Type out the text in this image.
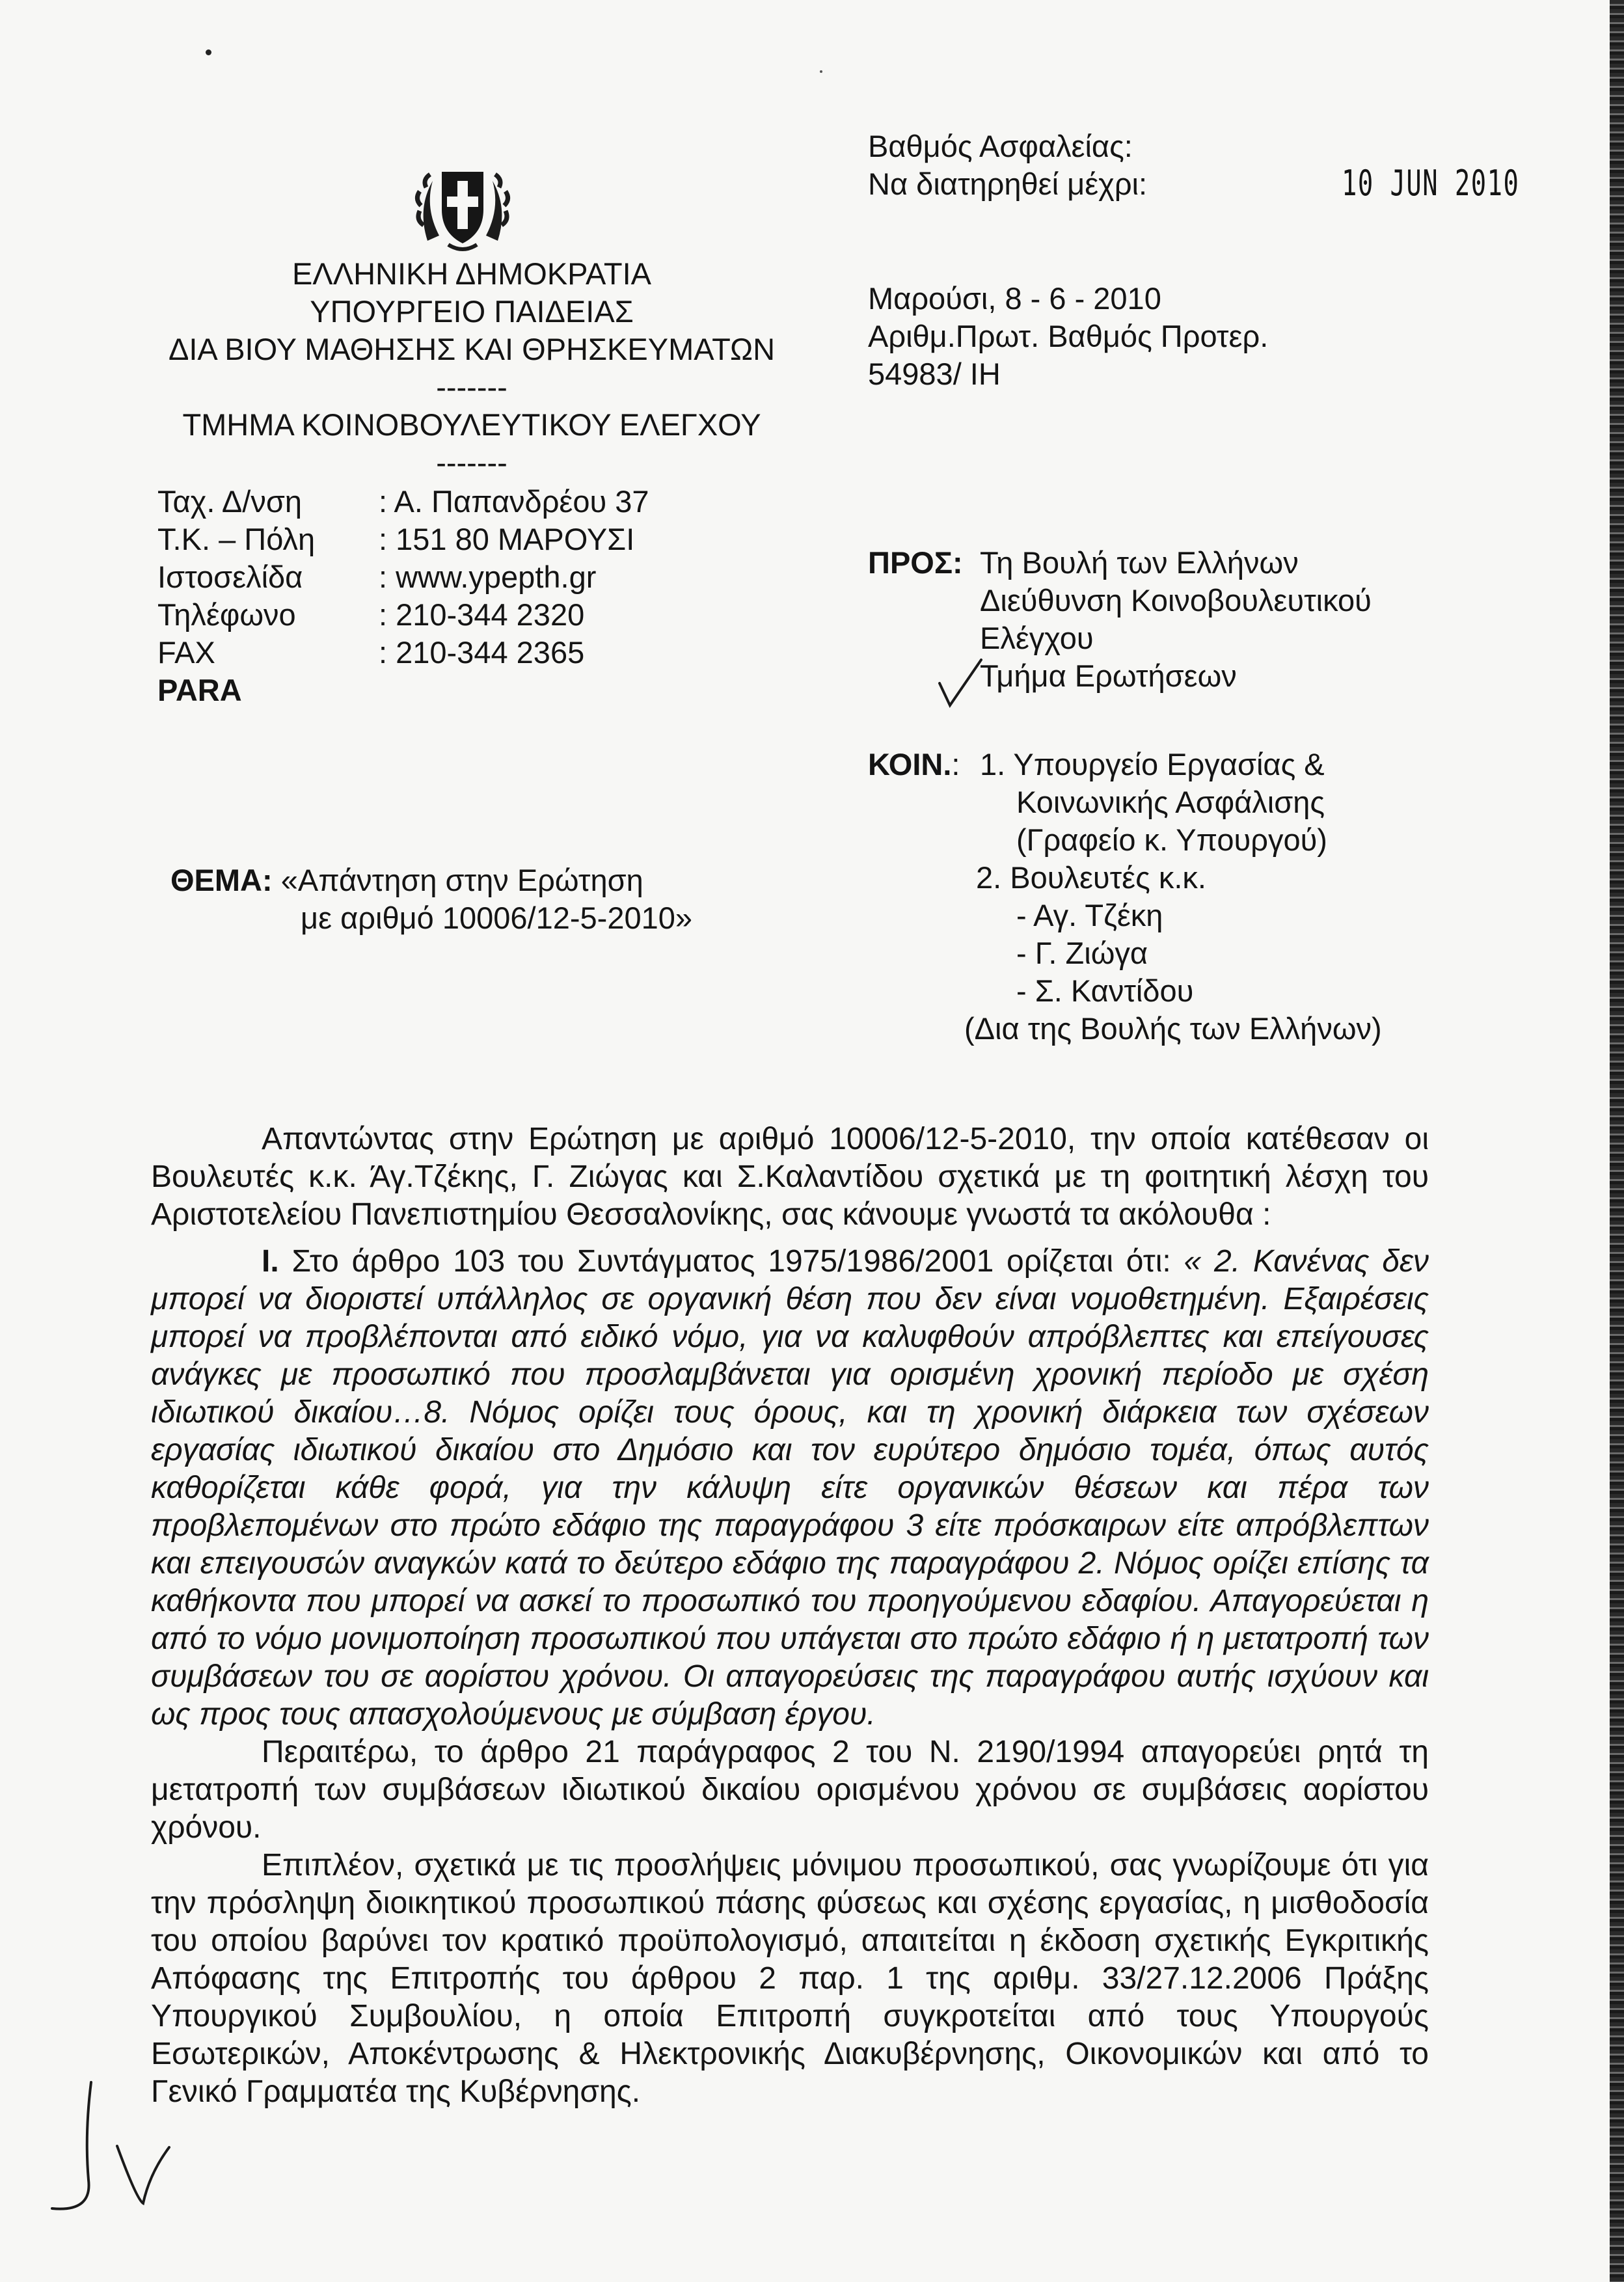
ΕΛΛΗΝΙΚΗ ΔΗΜΟΚΡΑΤΙΑ
ΥΠΟΥΡΓΕΙΟ ΠΑΙΔΕΙΑΣ
ΔΙΑ ΒΙΟΥ ΜΑΘΗΣΗΣ ΚΑΙ ΘΡΗΣΚΕΥΜΑΤΩΝ
-------
ΤΜΗΜΑ ΚΟΙΝΟΒΟΥΛΕΥΤΙΚΟΥ ΕΛΕΓΧΟΥ
-------
Ταχ. Δ/νση	: Α. Παπανδρέου 37
Τ.Κ. – Πόλη	: 151 80 ΜΑΡΟΥΣΙ
Ιστοσελίδα	: www.ypepth.gr
Τηλέφωνο	: 210-344 2320
FAX	: 210-344 2365
PARA
Βαθμός Ασφαλείας:
Να διατηρηθεί μέχρι:	10 JUN 2010
Μαρούσι, 8 - 6 - 2010
Αριθμ.Πρωτ. Βαθμός Προτερ.
54983/ ΙΗ
ΠΡΟΣ: Τη Βουλή των Ελλήνων
Διεύθυνση Κοινοβουλευτικού
Ελέγχου
Τμήμα Ερωτήσεων
ΚΟΙΝ.: 1. Υπουργείο Εργασίας &
Κοινωνικής Ασφάλισης
(Γραφείο κ. Υπουργού)
2. Βουλευτές κ.κ.
- Αγ. Τζέκη
- Γ. Ζιώγα
- Σ. Καντίδου
(Δια της Βουλής των Ελλήνων)
ΘΕΜΑ: «Απάντηση στην Ερώτηση
με αριθμό 10006/12-5-2010»

Απαντώντας στην Ερώτηση με αριθμό 10006/12-5-2010, την οποία κατέθεσαν οι Βουλευτές κ.κ. Άγ.Τζέκης, Γ. Ζιώγας και Σ.Καλαντίδου σχετικά με τη φοιτητική λέσχη του Αριστοτελείου Πανεπιστημίου Θεσσαλονίκης, σας κάνουμε γνωστά τα ακόλουθα :

Ι. Στο άρθρο 103 του Συντάγματος 1975/1986/2001 ορίζεται ότι: « 2. Κανένας δεν μπορεί να διοριστεί υπάλληλος σε οργανική θέση που δεν είναι νομοθετημένη. Εξαιρέσεις μπορεί να προβλέπονται από ειδικό νόμο, για να καλυφθούν απρόβλεπτες και επείγουσες ανάγκες με προσωπικό που προσλαμβάνεται για ορισμένη χρονική περίοδο με σχέση ιδιωτικού δικαίου…8. Νόμος ορίζει τους όρους, και τη χρονική διάρκεια των σχέσεων εργασίας ιδιωτικού δικαίου στο Δημόσιο και τον ευρύτερο δημόσιο τομέα, όπως αυτός καθορίζεται κάθε φορά, για την κάλυψη είτε οργανικών θέσεων και πέρα των προβλεπομένων στο πρώτο εδάφιο της παραγράφου 3 είτε πρόσκαιρων είτε απρόβλεπτων και επειγουσών αναγκών κατά το δεύτερο εδάφιο της παραγράφου 2. Νόμος ορίζει επίσης τα καθήκοντα που μπορεί να ασκεί το προσωπικό του προηγούμενου εδαφίου. Απαγορεύεται η από το νόμο μονιμοποίηση προσωπικού που υπάγεται στο πρώτο εδάφιο ή η μετατροπή των συμβάσεων του σε αορίστου χρόνου. Οι απαγορεύσεις της παραγράφου αυτής ισχύουν και ως προς τους απασχολούμενους με σύμβαση έργου.

Περαιτέρω, το άρθρο 21 παράγραφος 2 του Ν. 2190/1994 απαγορεύει ρητά τη μετατροπή των συμβάσεων ιδιωτικού δικαίου ορισμένου χρόνου σε συμβάσεις αορίστου χρόνου.

Επιπλέον, σχετικά με τις προσλήψεις μόνιμου προσωπικού, σας γνωρίζουμε ότι για την πρόσληψη διοικητικού προσωπικού πάσης φύσεως και σχέσης εργασίας, η μισθοδοσία του οποίου βαρύνει τον κρατικό προϋπολογισμό, απαιτείται η έκδοση σχετικής Εγκριτικής Απόφασης της Επιτροπής του άρθρου 2 παρ. 1 της αριθμ. 33/27.12.2006 Πράξης Υπουργικού Συμβουλίου, η οποία Επιτροπή συγκροτείται από τους Υπουργούς Εσωτερικών, Αποκέντρωσης & Ηλεκτρονικής Διακυβέρνησης, Οικονομικών και από το Γενικό Γραμματέα της Κυβέρνησης.
